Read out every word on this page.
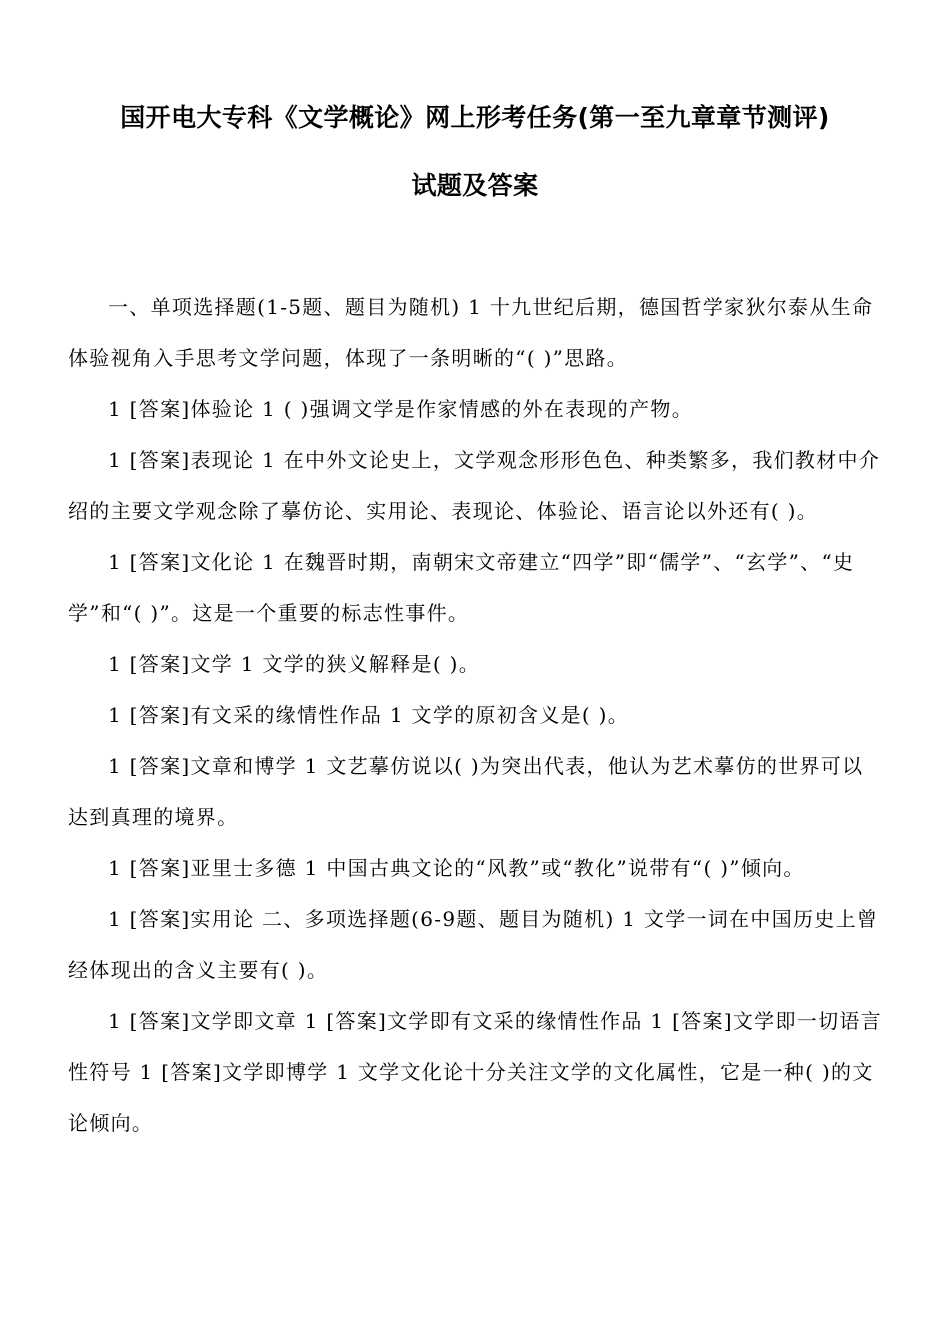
国开电大专科《文学概论》网上形考任务(第一至九章章节测评)
试题及答案

一、单项选择题(1-5题、题目为随机) 1 十九世纪后期，德国哲学家狄尔泰从生命体验视角入手思考文学问题，体现了一条明晰的“( )”思路。

1 [答案]体验论 1 ( )强调文学是作家情感的外在表现的产物。

1 [答案]表现论 1 在中外文论史上，文学观念形形色色、种类繁多，我们教材中介绍的主要文学观念除了摹仿论、实用论、表现论、体验论、语言论以外还有( )。

1 [答案]文化论 1 在魏晋时期，南朝宋文帝建立“四学”即“儒学”、“玄学”、“史学”和“( )”。这是一个重要的标志性事件。

1 [答案]文学 1 文学的狭义解释是( )。

1 [答案]有文采的缘情性作品 1 文学的原初含义是( )。

1 [答案]文章和博学 1 文艺摹仿说以( )为突出代表，他认为艺术摹仿的世界可以达到真理的境界。

1 [答案]亚里士多德 1 中国古典文论的“风教”或“教化”说带有“( )”倾向。

1 [答案]实用论 二、多项选择题(6-9题、题目为随机) 1 文学一词在中国历史上曾经体现出的含义主要有( )。

1 [答案]文学即文章 1 [答案]文学即有文采的缘情性作品 1 [答案]文学即一切语言性符号 1 [答案]文学即博学 1 文学文化论十分关注文学的文化属性，它是一种( )的文论倾向。
